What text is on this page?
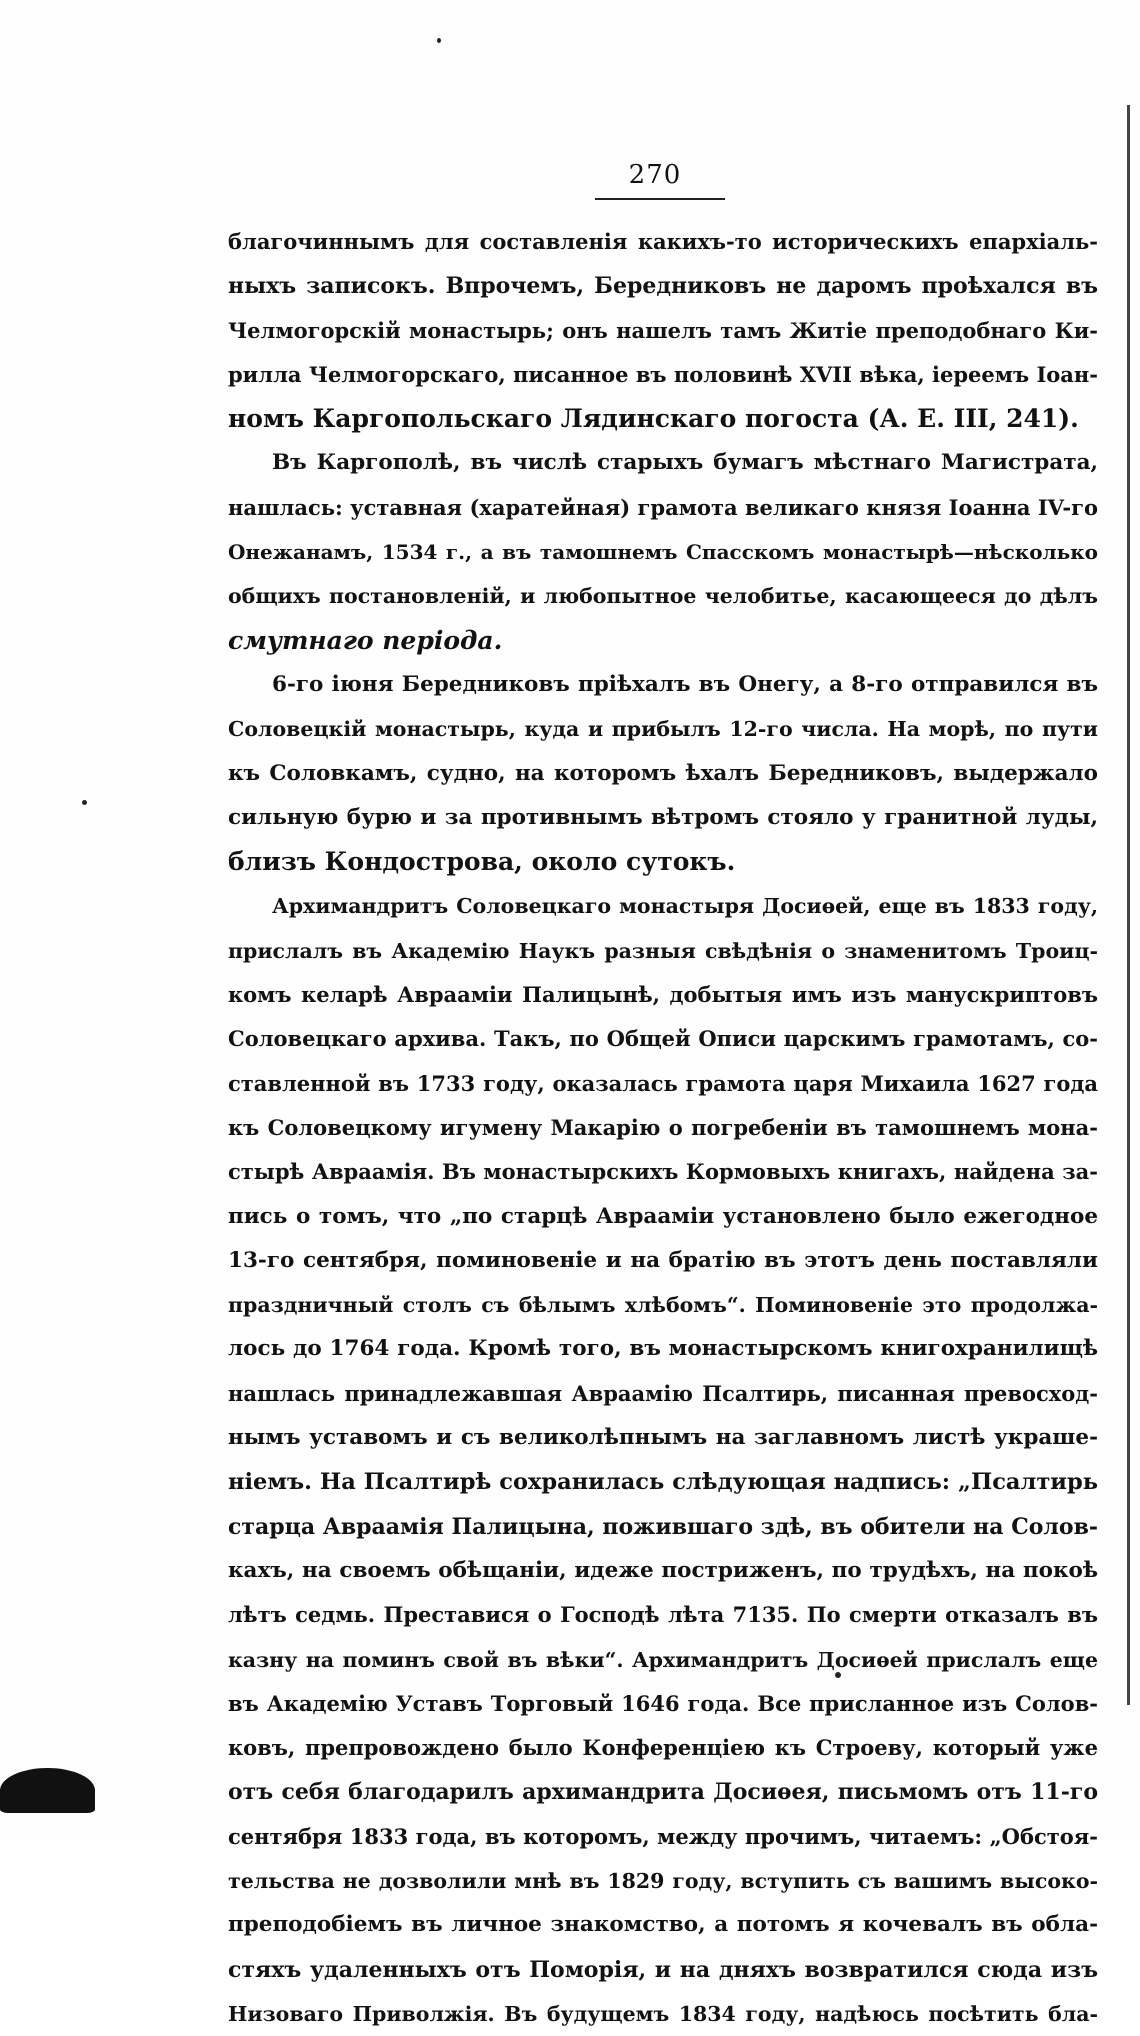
270
благочиннымъ для составленія какихъ-то историческихъ епархіаль-
ныхъ записокъ. Впрочемъ, Бередниковъ не даромъ проѣхался въ
Челмогорскій монастырь; онъ нашелъ тамъ Житіе преподобнаго Ки-
рилла Челмогорскаго, писанное въ половинѣ XVII вѣка, іереемъ Іоан-
номъ Каргопольскаго Лядинскаго погоста (А. Е. III, 241).
Въ Каргополѣ, въ числѣ старыхъ бумагъ мѣстнаго Магистрата,
нашлась: уставная (харатейная) грамота великаго князя Іоанна IV-го
Онежанамъ, 1534 г., а въ тамошнемъ Спасскомъ монастырѣ—нѣсколько
общихъ постановленій, и любопытное челобитье, касающееся до дѣлъ
смутнаго періода.
6-го іюня Бередниковъ пріѣхалъ въ Онегу, а 8-го отправился въ
Соловецкій монастырь, куда и прибылъ 12-го числа. На морѣ, по пути
къ Соловкамъ, судно, на которомъ ѣхалъ Бередниковъ, выдержало
сильную бурю и за противнымъ вѣтромъ стояло у гранитной луды,
близъ Кондострова, около сутокъ.
Архимандритъ Соловецкаго монастыря Досиѳей, еще въ 1833 году,
прислалъ въ Академію Наукъ разныя свѣдѣнія о знаменитомъ Троиц-
комъ келарѣ Авраамiи Палицынѣ, добытыя имъ изъ манускриптовъ
Соловецкаго архива. Такъ, по Общей Описи царскимъ грамотамъ, со-
ставленной въ 1733 году, оказалась грамота царя Михаила 1627 года
къ Соловецкому игумену Макарію о погребеніи въ тамошнемъ мона-
стырѣ Авраамія. Въ монастырскихъ Кормовыхъ книгахъ, найдена за-
пись о томъ, что „по старцѣ Авраамiи установлено было ежегодное
13-го сентября, поминовеніе и на братію въ этотъ день поставляли
праздничный столъ съ бѣлымъ хлѣбомъ“. Поминовеніе это продолжа-
лось до 1764 года. Кромѣ того, въ монастырскомъ книгохранилищѣ
нашлась принадлежавшая Авраамію Псалтирь, писанная превосход-
нымъ уставомъ и съ великолѣпнымъ на заглавномъ листѣ украше-
ніемъ. На Псалтирѣ сохранилась слѣдующая надпись: „Псалтирь
старца Авраамія Палицына, пожившаго здѣ, въ обители на Солов-
кахъ, на своемъ обѣщаніи, идеже постриженъ, по трудѣхъ, на покоѣ
лѣтъ седмь. Преставися о Господѣ лѣта 7135. По смерти отказалъ въ
казну на поминъ свой въ вѣки“. Архимандритъ Досиѳей прислалъ еще
въ Академію Уставъ Торговый 1646 года. Все присланное изъ Солов-
ковъ, препровождено было Конференціею къ Строеву, который уже
отъ себя благодарилъ архимандрита Досиѳея, письмомъ отъ 11-го
сентября 1833 года, въ которомъ, между прочимъ, читаемъ: „Обстоя-
тельства не дозволили мнѣ въ 1829 году, вступить съ вашимъ высоко-
преподобіемъ въ личное знакомство, а потомъ я кочевалъ въ обла-
стяхъ удаленныхъ отъ Поморія, и на дняхъ возвратился сюда изъ
Низоваго Приволжія. Въ будущемъ 1834 году, надѣюсь посѣтить бла-
